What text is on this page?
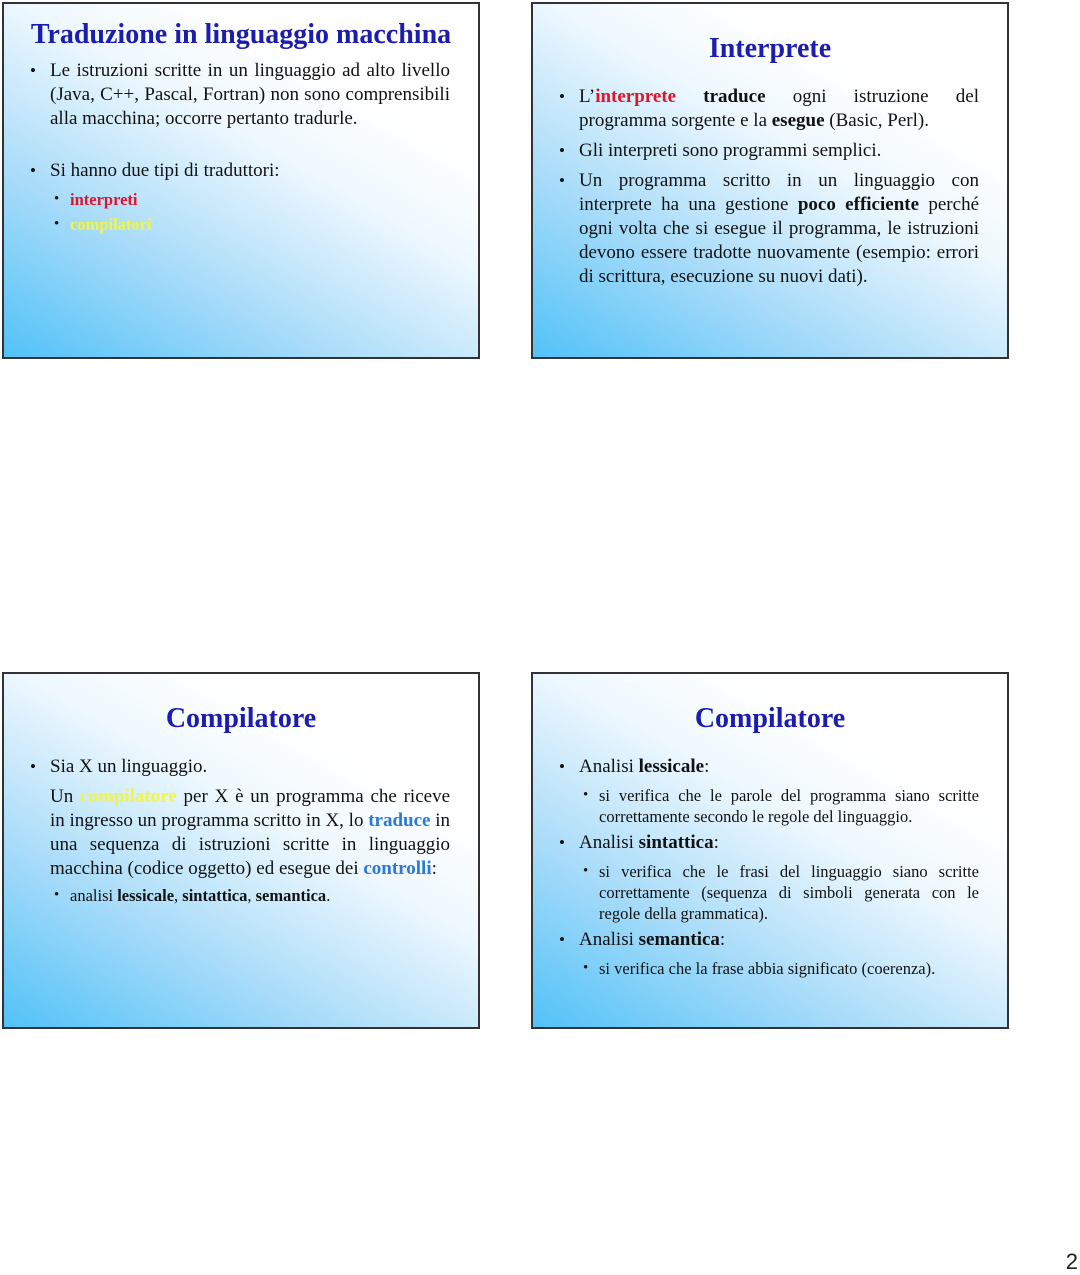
Traduzione in linguaggio macchina
• Le istruzioni scritte in un linguaggio ad alto livello (Java, C++, Pascal, Fortran) non sono comprensibili alla macchina; occorre pertanto tradurle.
• Si hanno due tipi di traduttori:
• interpreti
• compilatori
Interprete
• L’interprete traduce ogni istruzione del programma sorgente e la esegue (Basic, Perl).
• Gli interpreti sono programmi semplici.
• Un programma scritto in un linguaggio con interprete ha una gestione poco efficiente perché ogni volta che si esegue il programma, le istruzioni devono essere tradotte nuovamente (esempio: errori di scrittura, esecuzione su nuovi dati).
Compilatore
• Sia X un linguaggio.
Un compilatore per X è un programma che riceve in ingresso un programma scritto in X, lo traduce in una sequenza di istruzioni scritte in linguaggio macchina (codice oggetto) ed esegue dei controlli:
• analisi lessicale, sintattica, semantica.
Compilatore
• Analisi lessicale:
• si verifica che le parole del programma siano scritte correttamente secondo le regole del linguaggio.
• Analisi sintattica:
• si verifica che le frasi del linguaggio siano scritte correttamente (sequenza di simboli generata con le regole della grammatica).
• Analisi semantica:
• si verifica che la frase abbia significato (coerenza).
2
